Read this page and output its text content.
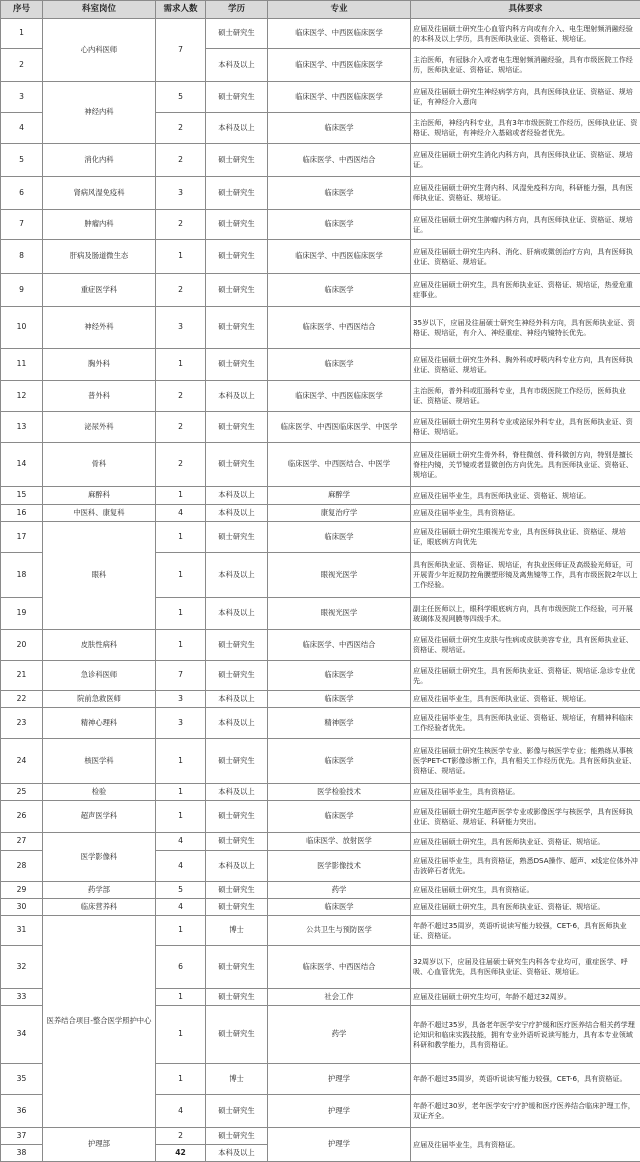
序号	科室岗位	需求人数	学历	专业	具体要求
1	心内科医师	7	硕士研究生	临床医学、中西医临床医学	应届及往届硕士研究生心血管内科方向或有介入、电生理射频消融经验的本科及以上学历，具有医师执业证、资格证、规培证。
2			本科及以上	临床医学、中西医临床医学	主治医师，有冠脉介入或者电生理射频消融经验，具有市级医院工作经历，医师执业证、资格证、规培证。
3	神经内科	5	硕士研究生	临床医学、中西医临床医学	应届及往届硕士研究生神经病学方向，具有医师执业证、资格证、规培证，有神经介入意向
4		2	本科及以上	临床医学	主治医师，神经内科专业，具有3年市级医院工作经历，医师执业证、资格证、规培证，有神经介入基础或者经验者优先。
5	消化内科	2	硕士研究生	临床医学、中西医结合	应届及往届硕士研究生消化内科方向，具有医师执业证、资格证、规培证。
6	肾病风湿免疫科	3	硕士研究生	临床医学	应届及往届硕士研究生肾内科、风湿免疫科方向，科研能力强，具有医师执业证、资格证、规培证。
7	肿瘤内科	2	硕士研究生	临床医学	应届及往届硕士研究生肿瘤内科方向，具有医师执业证、资格证、规培证。
8	肝病及肠道微生态	1	硕士研究生	临床医学、中西医临床医学	应届及往届硕士研究生内科、消化、肝病或微创治疗方向，具有医师执业证、资格证、规培证。
9	重症医学科	2	硕士研究生	临床医学	应届及往届硕士研究生，具有医师执业证、资格证、规培证，热爱危重症事业。
10	神经外科	3	硕士研究生	临床医学、中西医结合	35岁以下，应届及往届硕士研究生神经外科方向，具有医师执业证、资格证、规培证，有介入、神经重症、神经内镜特长优先。
11	胸外科	1	硕士研究生	临床医学	应届及往届硕士研究生外科、胸外科或呼吸内科专业方向，具有医师执业证、资格证、规培证。
12	普外科	2	本科及以上	临床医学、中西医临床医学	主治医师，普外科或肛肠科专业，具有市级医院工作经历，医师执业证、资格证、规培证。
13	泌尿外科	2	硕士研究生	临床医学、中西医临床医学、中医学	应届及往届硕士研究生男科专业或泌尿外科专业，具有医师执业证、资格证、规培证。
14	骨科	2	硕士研究生	临床医学、中西医结合、中医学	应届及往届硕士研究生骨外科，脊柱微创、骨科微创方向，特别是擅长脊柱内镜，关节镜或者显微创伤方向优先。具有医师执业证、资格证、规培证。
15	麻醉科	1	本科及以上	麻醉学	应届及往届毕业生，具有医师执业证、资格证、规培证。
16	中医科、康复科	4	本科及以上	康复治疗学	应届及往届毕业生，具有资格证。
17	眼科	1	硕士研究生	临床医学	应届及往届硕士研究生眼视光专业，具有医师执业证、资格证、规培证，眼底病方向优先
18		1	本科及以上	眼视光医学	具有医师执业证、资格证、规培证，有执业医师证及高级验光师证，可开展青少年近视防控角膜塑形镜及离焦镜等工作，具有市级医院2年以上工作经验。
19		1	本科及以上	眼视光医学	副主任医师以上，眼科学眼底病方向，具有市级医院工作经验，可开展玻璃体及视网膜等四级手术。
20	皮肤性病科	1	硕士研究生	临床医学、中西医结合	应届及往届硕士研究生皮肤与性病或皮肤美容专业，具有医师执业证、资格证、规培证。
21	急诊科医师	7	硕士研究生	临床医学	应届及往届硕士研究生，具有医师执业证、资格证、规培证.急诊专业优先。
22	院前急救医师	3	本科及以上	临床医学	应届及往届毕业生，具有医师执业证、资格证、规培证。
23	精神心理科	3	本科及以上	精神医学	应届及往届毕业生，具有医师执业证、资格证、规培证，有精神科临床工作经验者优先。
24	核医学科	1	硕士研究生	临床医学	应届及往届硕士研究生核医学专业、影像与核医学专业；能熟练从事核医学PET-CT影像诊断工作，具有相关工作经历优先。具有医师执业证、资格证、规培证。
25	检验	1	本科及以上	医学检验技术	应届及往届毕业生，具有资格证。
26	超声医学科	1	硕士研究生	临床医学	应届及往届硕士研究生超声医学专业或影像医学与核医学，具有医师执业证、资格证、规培证、科研能力突出。
27	医学影像科	4	硕士研究生	临床医学、放射医学	应届及往届硕士研究生，具有医师执业证、资格证、规培证。
28		4	本科及以上	医学影像技术	应届及往届毕业生，具有资格证，熟悉DSA操作、超声、x线定位体外冲击波碎石者优先。
29	药学部	5	硕士研究生	药学	应届及往届硕士研究生，具有资格证。
30	临床营养科	4	硕士研究生	临床医学	应届及往届硕士研究生，具有医师执业证、资格证、规培证。
31	医养结合项目-整合医学照护中心	1	博士	公共卫生与预防医学	年龄不超过35周岁，英语听说读写能力较强，CET-6，具有医师执业证、资格证。
32		6	硕士研究生	临床医学、中西医结合	32周岁以下，应届及往届硕士研究生内科各专业均可，重症医学、呼吸、心血管优先，具有医师执业证、资格证、规培证。
33		1	硕士研究生	社会工作	应届及往届硕士研究生均可，年龄不超过32周岁。
34		1	硕士研究生	药学	年龄不超过35岁，具备老年医学安宁疗护缓和医疗医养结合相关药学理论知识和临床实践技能，拥有专业外语听说读写能力，具有本专业领域科研和教学能力，具有资格证。
35		1	博士	护理学	年龄不超过35周岁，英语听说读写能力较强，CET-6，具有资格证。
36		4	硕士研究生	护理学	年龄不超过30岁，老年医学安宁疗护缓和医疗医养结合临床护理工作，双证齐全。
37	护理部	2	硕士研究生	护理学	应届及往届毕业生，具有资格证。
38		42	本科及以上		
